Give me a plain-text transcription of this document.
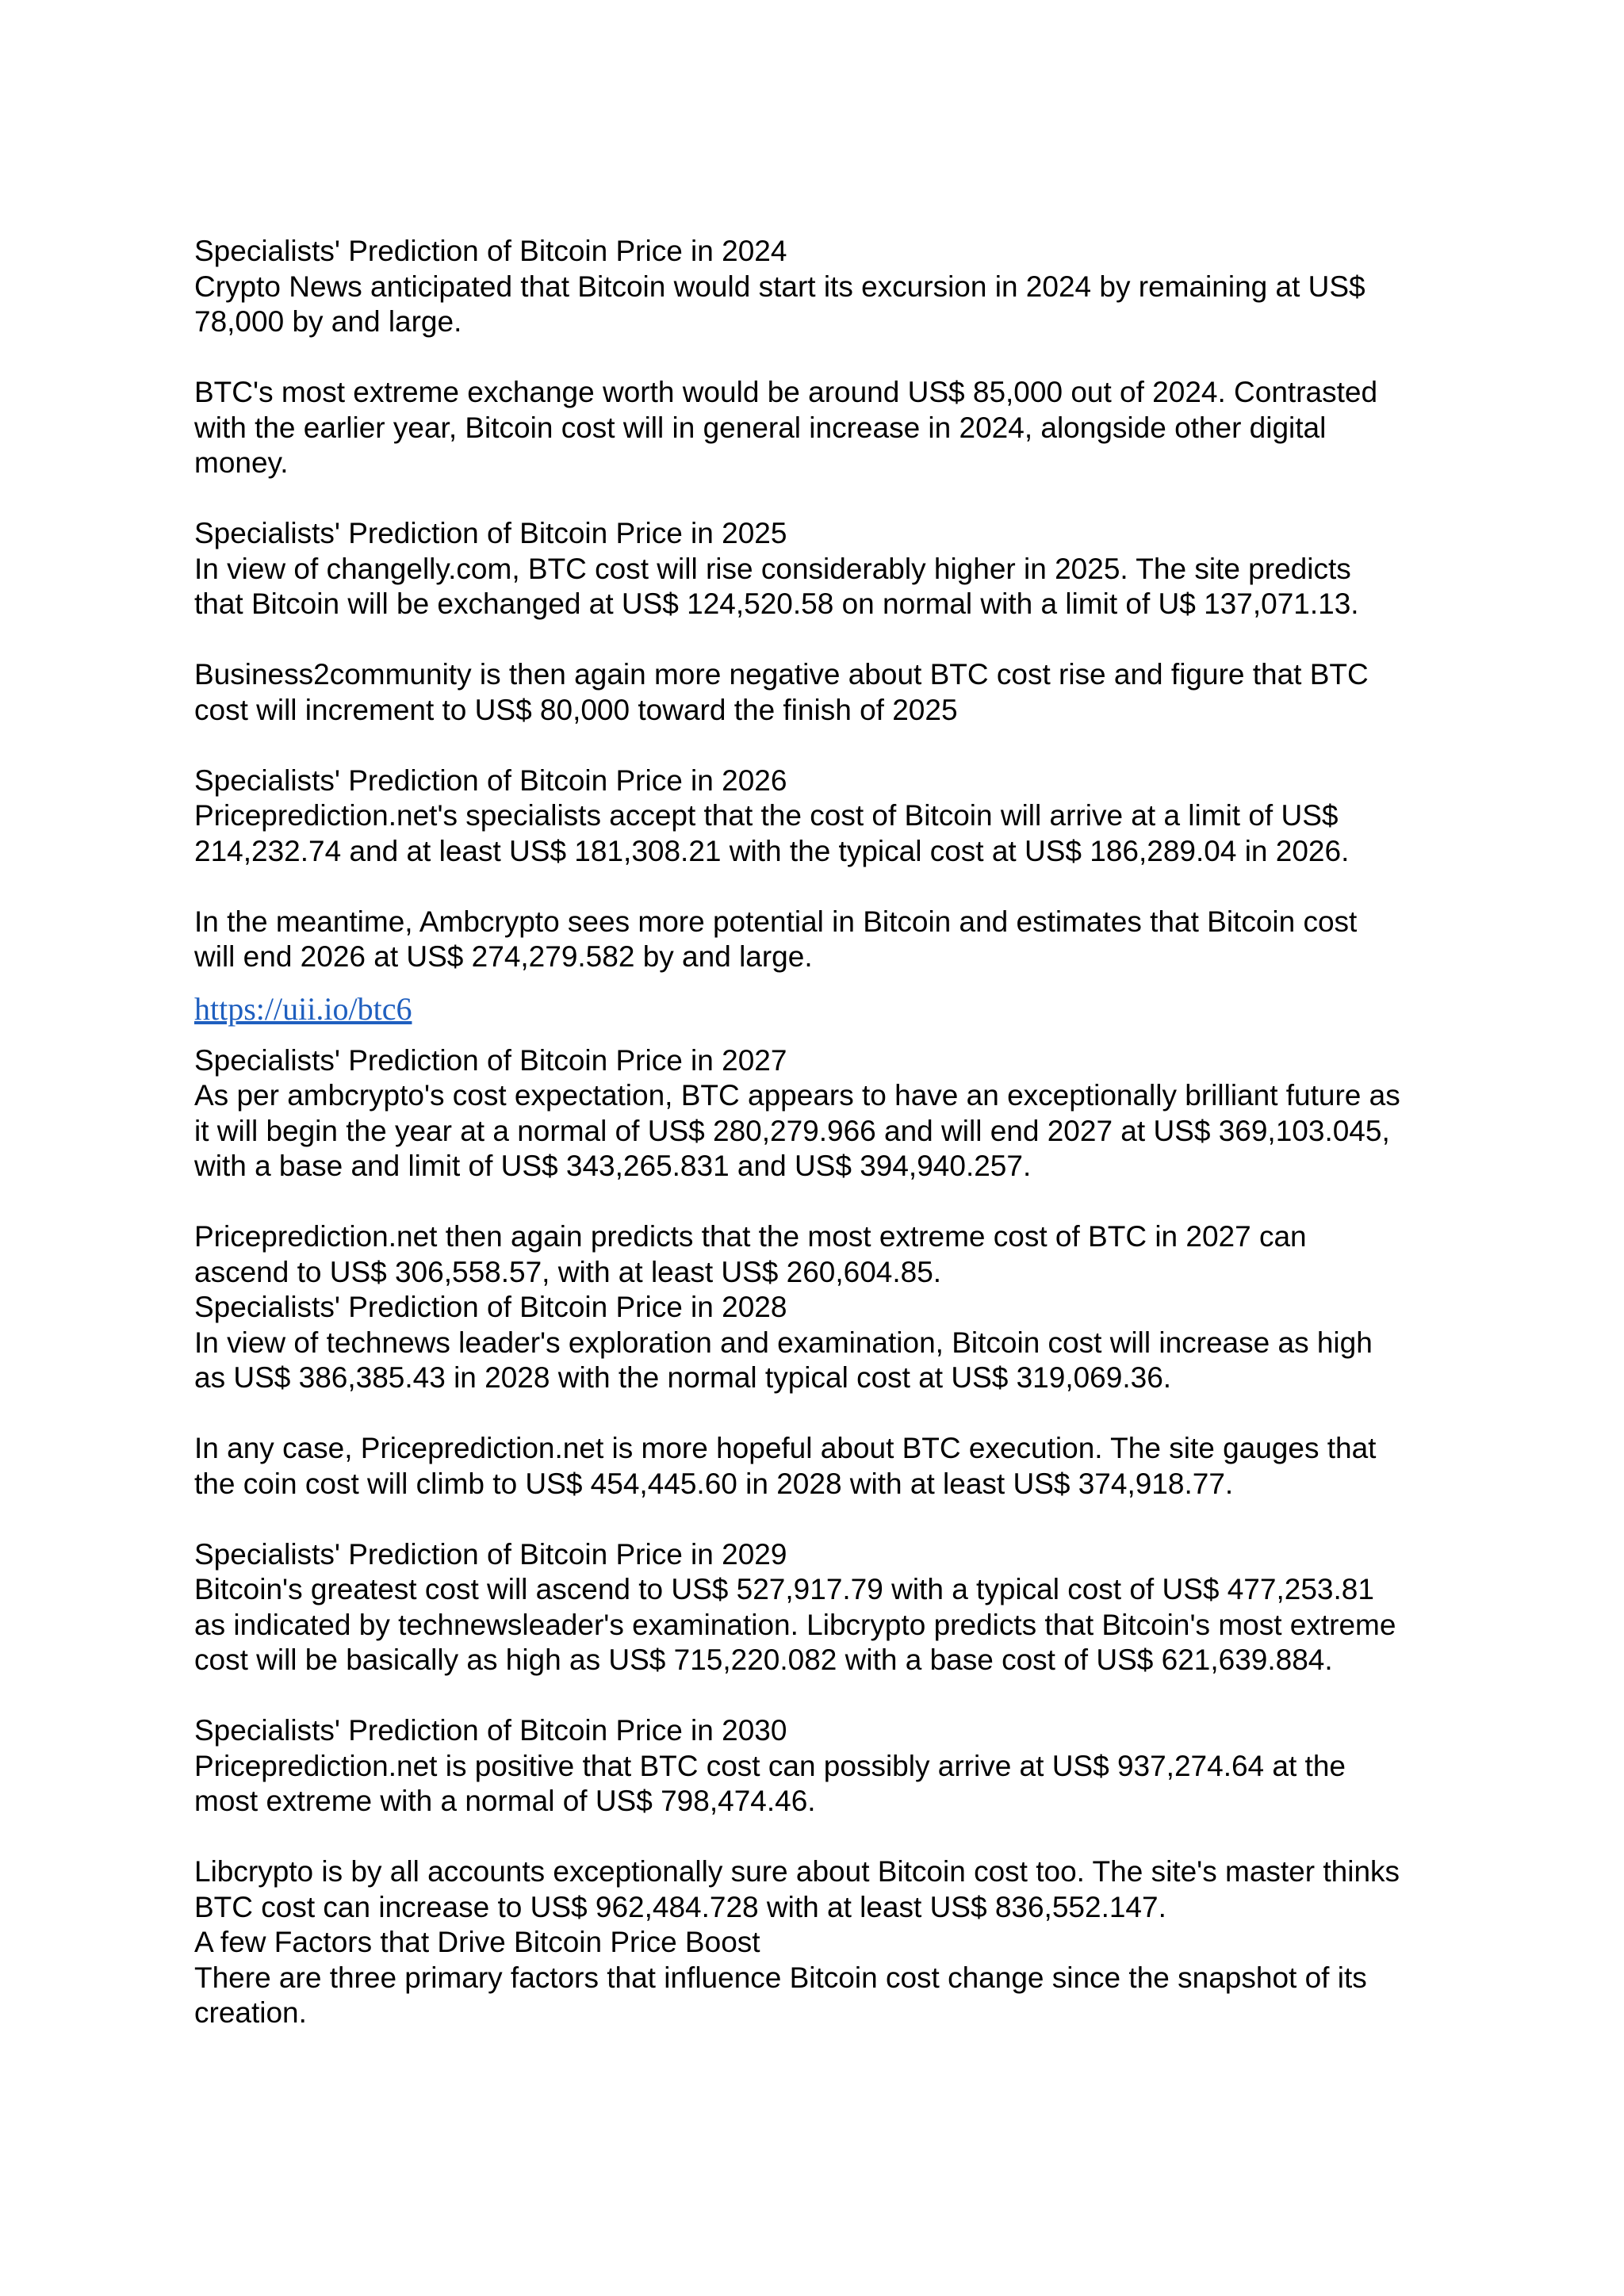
Specialists' Prediction of Bitcoin Price in 2024
Crypto News anticipated that Bitcoin would start its excursion in 2024 by remaining at US$
78,000 by and large.
BTC's most extreme exchange worth would be around US$ 85,000 out of 2024. Contrasted
with the earlier year, Bitcoin cost will in general increase in 2024, alongside other digital
money.
Specialists' Prediction of Bitcoin Price in 2025
In view of changelly.com, BTC cost will rise considerably higher in 2025. The site predicts
that Bitcoin will be exchanged at US$ 124,520.58 on normal with a limit of U$ 137,071.13.
Business2community is then again more negative about BTC cost rise and figure that BTC
cost will increment to US$ 80,000 toward the finish of 2025
Specialists' Prediction of Bitcoin Price in 2026
Priceprediction.net's specialists accept that the cost of Bitcoin will arrive at a limit of US$
214,232.74 and at least US$ 181,308.21 with the typical cost at US$ 186,289.04 in 2026.
In the meantime, Ambcrypto sees more potential in Bitcoin and estimates that Bitcoin cost
will end 2026 at US$ 274,279.582 by and large.
https://uii.io/btc6
Specialists' Prediction of Bitcoin Price in 2027
As per ambcrypto's cost expectation, BTC appears to have an exceptionally brilliant future as
it will begin the year at a normal of US$ 280,279.966 and will end 2027 at US$ 369,103.045,
with a base and limit of US$ 343,265.831 and US$ 394,940.257.
Priceprediction.net then again predicts that the most extreme cost of BTC in 2027 can
ascend to US$ 306,558.57, with at least US$ 260,604.85.
Specialists' Prediction of Bitcoin Price in 2028
In view of technews leader's exploration and examination, Bitcoin cost will increase as high
as US$ 386,385.43 in 2028 with the normal typical cost at US$ 319,069.36.
In any case, Priceprediction.net is more hopeful about BTC execution. The site gauges that
the coin cost will climb to US$ 454,445.60 in 2028 with at least US$ 374,918.77.
Specialists' Prediction of Bitcoin Price in 2029
Bitcoin's greatest cost will ascend to US$ 527,917.79 with a typical cost of US$ 477,253.81
as indicated by technewsleader's examination. Libcrypto predicts that Bitcoin's most extreme
cost will be basically as high as US$ 715,220.082 with a base cost of US$ 621,639.884.
Specialists' Prediction of Bitcoin Price in 2030
Priceprediction.net is positive that BTC cost can possibly arrive at US$ 937,274.64 at the
most extreme with a normal of US$ 798,474.46.
Libcrypto is by all accounts exceptionally sure about Bitcoin cost too. The site's master thinks
BTC cost can increase to US$ 962,484.728 with at least US$ 836,552.147.
A few Factors that Drive Bitcoin Price Boost
There are three primary factors that influence Bitcoin cost change since the snapshot of its
creation.
